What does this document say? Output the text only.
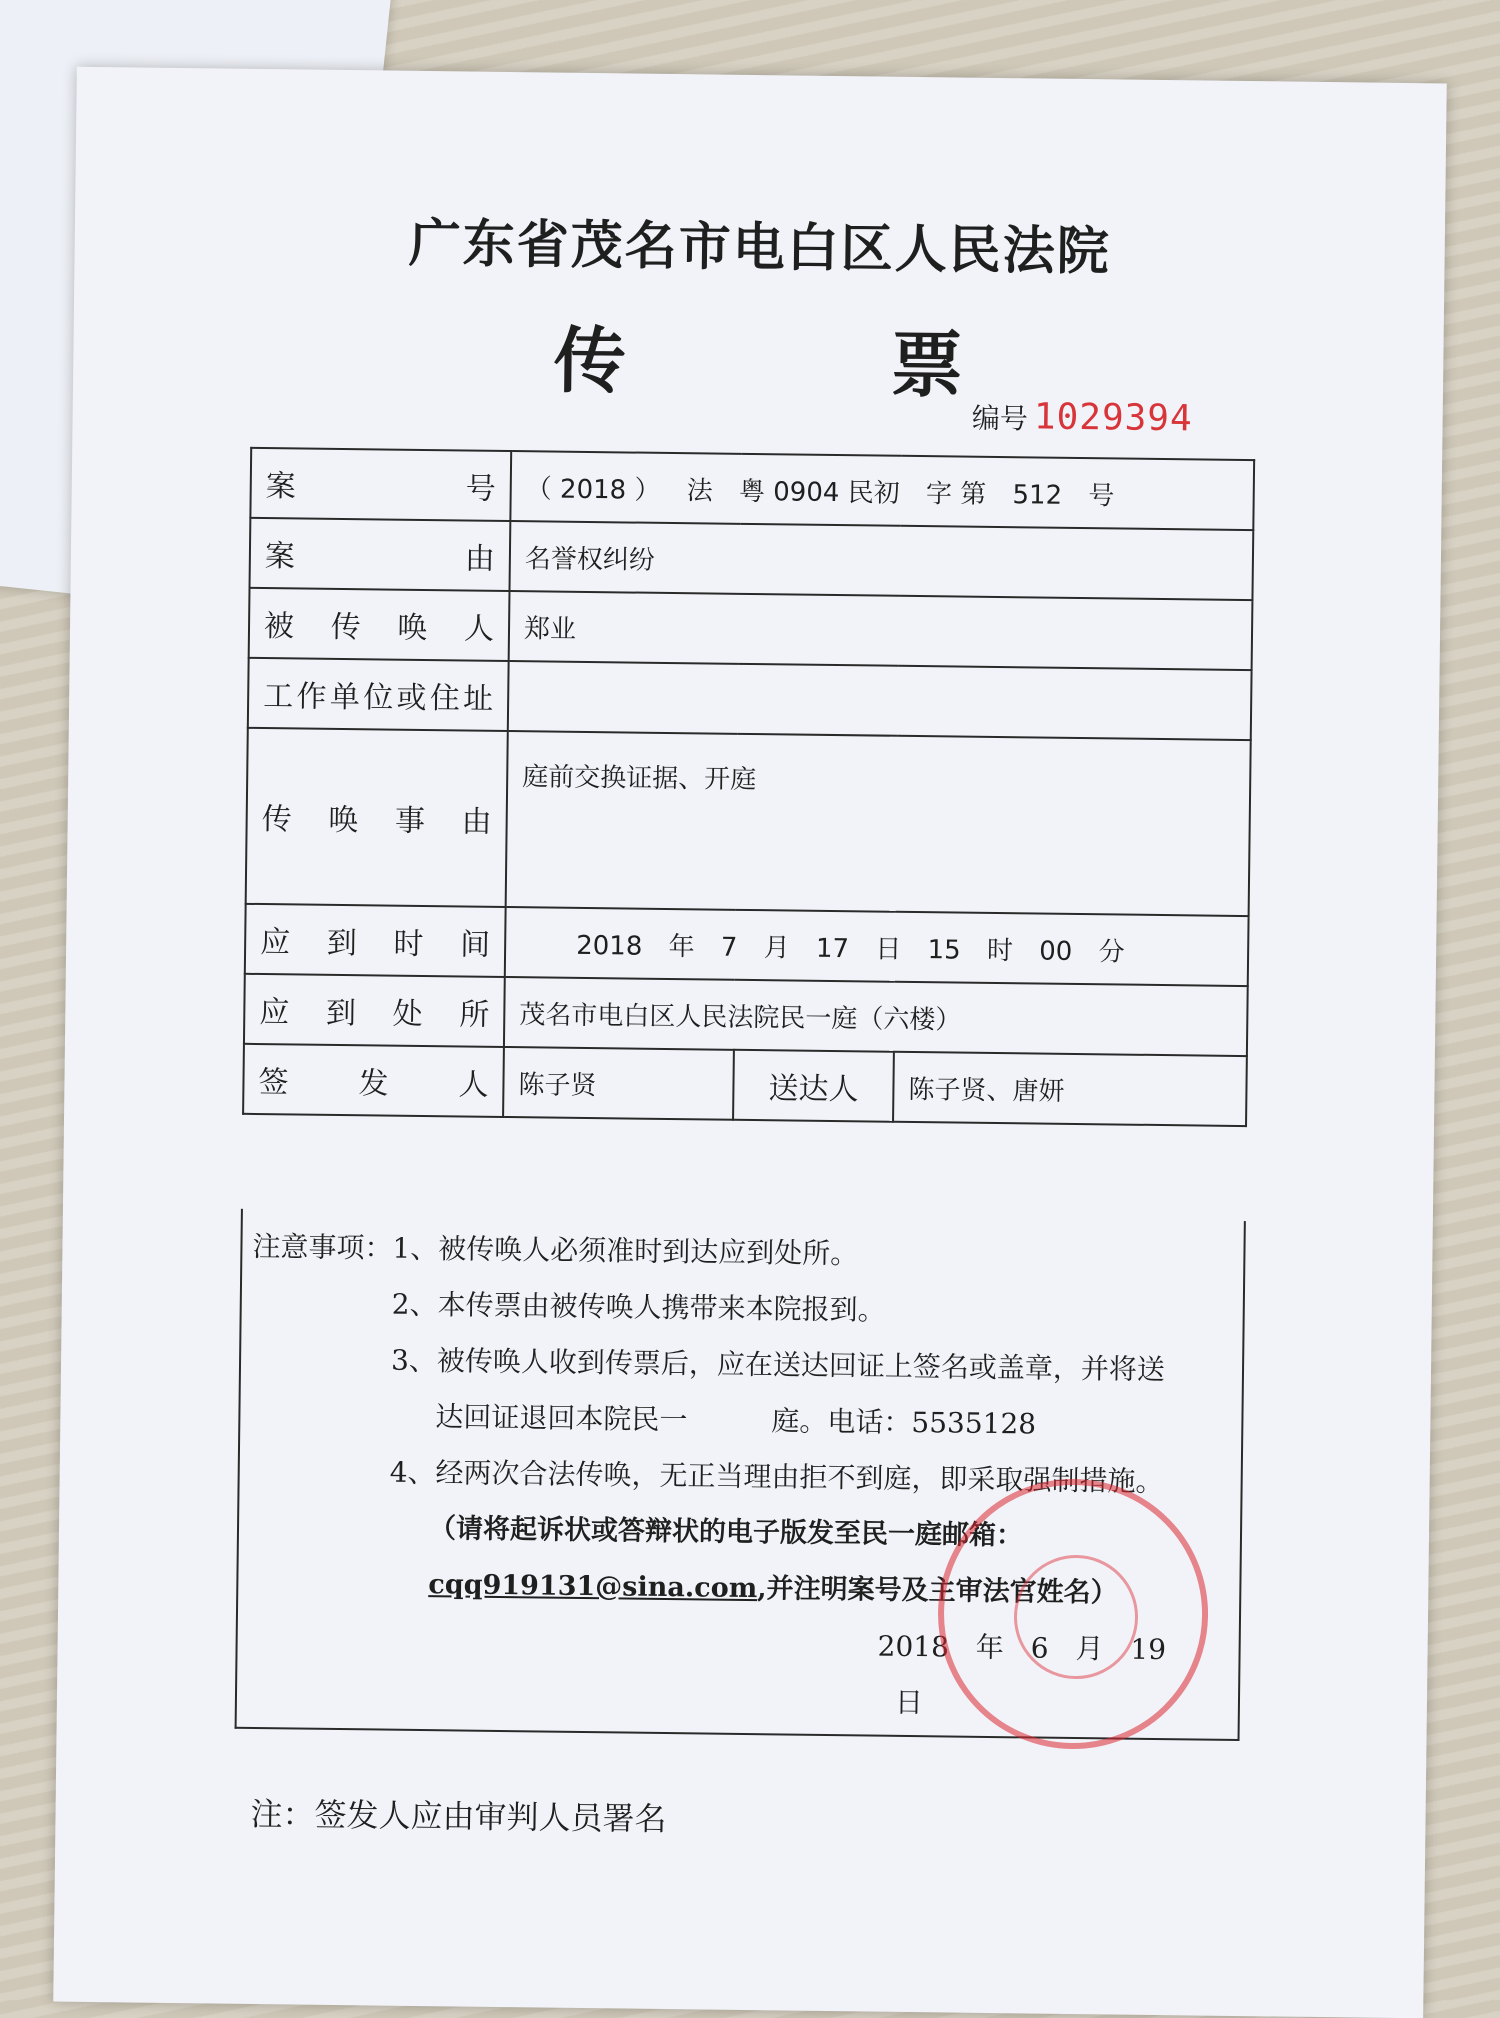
广东省茂名市电白区人民法院
传 票
编号 1029394
案 号	（ 2018 ） 法 粤 0904 民初 字 第 512 号		
案 由	名誉权纠纷		
被 传 唤 人	郑业		
工作单位或住址			
传 唤 事 由	庭前交换证据、开庭		
应 到 时 间	2018 年 7 月 17 日 15 时 00 分		
应 到 处 所	茂名市电白区人民法院民一庭（六楼）		
签 发 人	陈子贤	送达人	陈子贤、唐妍

注意事项：1、被传唤人必须准时到达应到处所。

2、本传票由被传唤人携带来本院报到。

3、被传唤人收到传票后，应在送达回证上签名或盖章，并将送

达回证退回本院民一　　　庭。电话：5535128

4、经两次合法传唤，无正当理由拒不到庭，即采取强制措施。

（请将起诉状或答辩状的电子版发至民一庭邮箱：

cqq919131@sina.com,并注明案号及主审法官姓名）

2018 年 6 月 19 日

注：签发人应由审判人员署名
